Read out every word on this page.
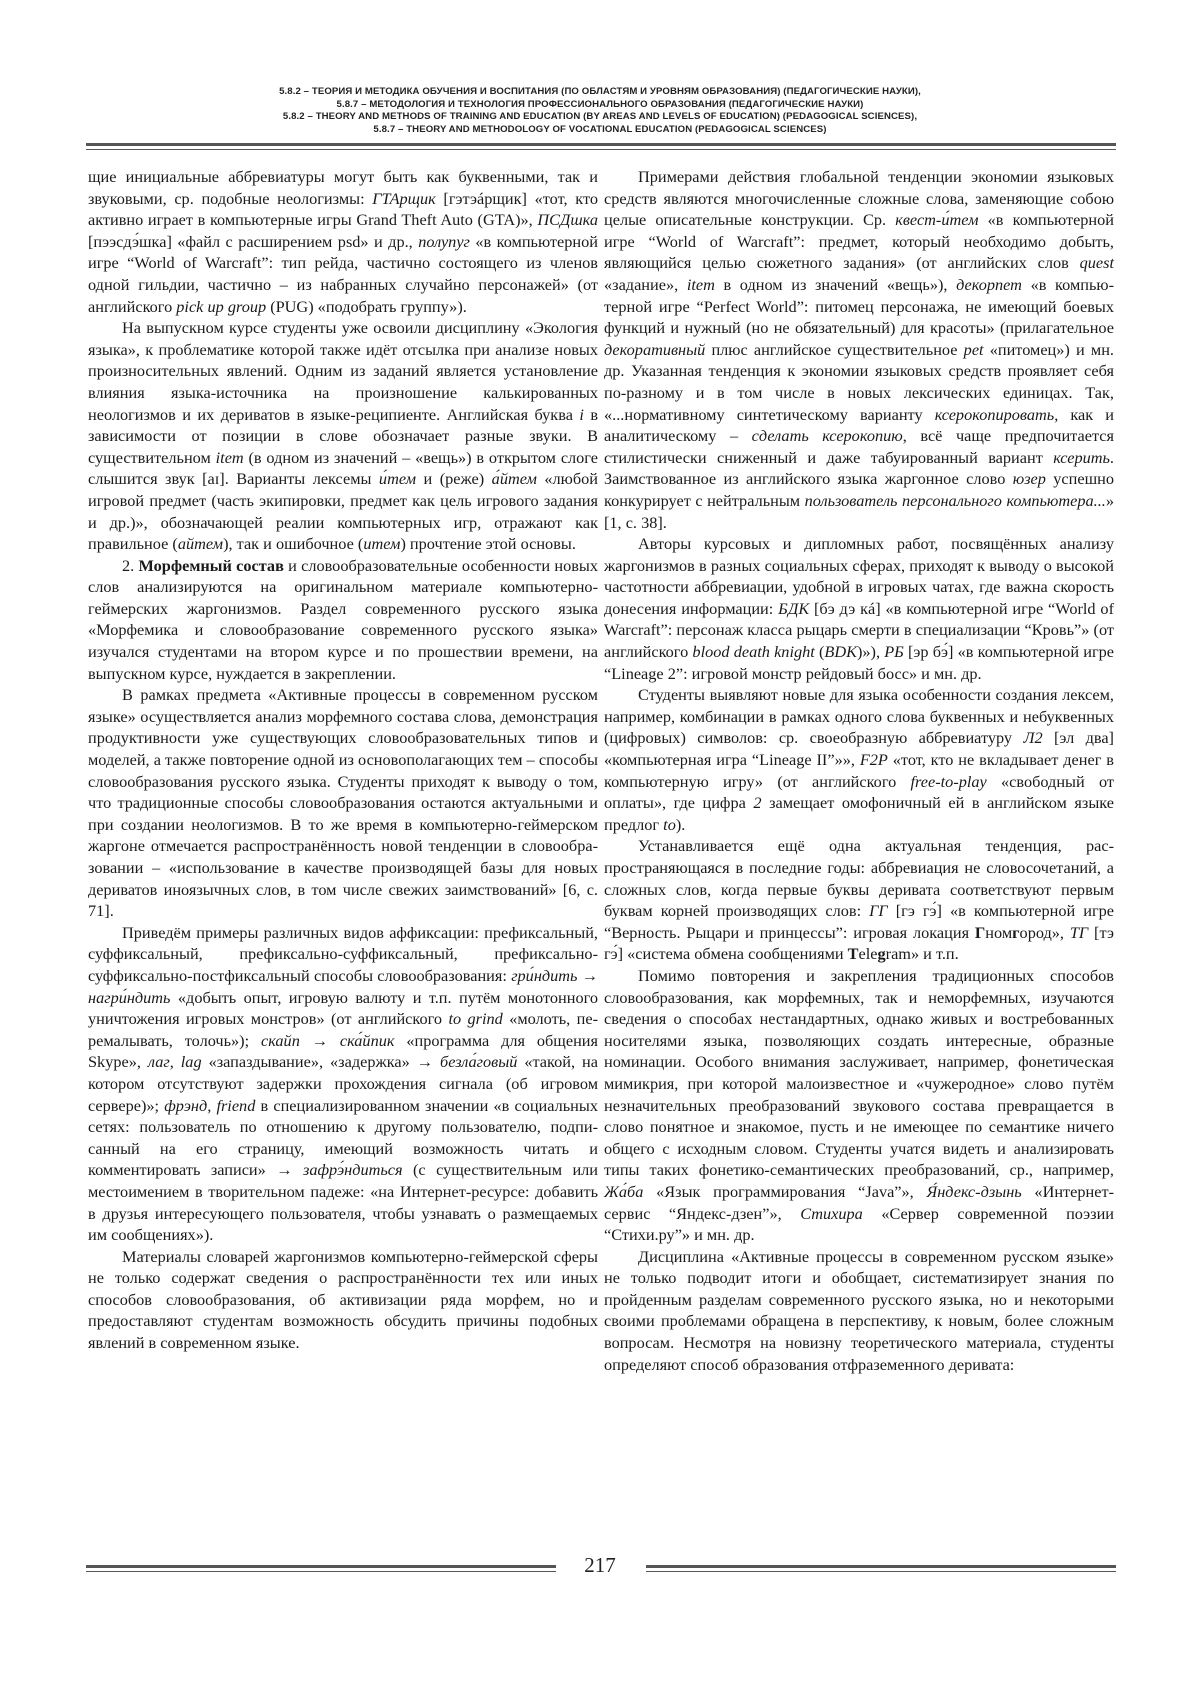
5.8.2 – ТЕОРИЯ И МЕТОДИКА ОБУЧЕНИЯ И ВОСПИТАНИЯ (ПО ОБЛАСТЯМ И УРОВНЯМ ОБРАЗОВАНИЯ) (ПЕДАГОГИЧЕСКИЕ НАУКИ),
5.8.7 – МЕТОДОЛОГИЯ И ТЕХНОЛОГИЯ ПРОФЕССИОНАЛЬНОГО ОБРАЗОВАНИЯ (ПЕДАГОГИЧЕСКИЕ НАУКИ)
5.8.2 – THEORY AND METHODS OF TRAINING AND EDUCATION (BY AREAS AND LEVELS OF EDUCATION) (PEDAGOGICAL SCIENCES),
5.8.7 – THEORY AND METHODOLOGY OF VOCATIONAL EDUCATION (PEDAGOGICAL SCIENCES)

щие инициальные аббревиатуры могут быть как буквенными, так и звуковыми, ср. подобные неологизмы: ГТАрщик [гэтэáрщик] «тот, кто активно играет в компьютерные игры Grand Theft Auto (GTA)», ПСДшка [пээсдэ́шка] «файл с расширением psd» и др., полупуг «в компьютерной игре “World of Warcraft”: тип рейда, частично состоящего из членов одной гильдии, частично – из набранных случайно персонажей» (от английского pick up group (PUG) «подобрать группу»).

На выпускном курсе студенты уже освоили дисциплину «Экология языка», к проблематике которой также идёт отсылка при анализе новых произносительных явлений. Одним из заданий является установление влияния языка-источника на произношение калькированных неологизмов и их дериватов в языке-реципиенте. Английская буква i в зависимости от позиции в слове обозначает разные звуки. В существительном item (в одном из значений – «вещь») в открытом слоге слышится звук [aɪ]. Варианты лексемы и́тем и (реже) а́йтем «любой игровой предмет (часть экипировки, предмет как цель игрового задания и др.)», обозначающей реалии компьютерных игр, отражают как правильное (айтем), так и ошибочное (итем) прочтение этой основы.

2. Морфемный состав и словообразовательные особенности новых слов анализируются на оригинальном материале компьютерно-геймерских жаргонизмов. Раздел современного русского языка «Морфемика и словообразование современного русского языка» изучался студентами на втором курсе и по прошествии времени, на выпускном курсе, нуждается в закреплении.

В рамках предмета «Активные процессы в современном русском языке» осуществляется анализ морфемного состава слова, демонстрация продуктивности уже существующих словообразовательных типов и моделей, а также повторение одной из основополагающих тем – способы словообразования русского языка. Студенты приходят к выводу о том, что традиционные способы словообразования остаются актуальными и при создании неологизмов. В то же время в компьютерно-геймерском жаргоне отмечается распространённость новой тенденции в словообразовании – «использование в качестве производящей базы для новых дериватов иноязычных слов, в том числе свежих заимствований» [6, с. 71].

Приведём примеры различных видов аффиксации: префиксальный, суффиксальный, префиксально-суффиксальный, префиксально-суффиксально-постфиксальный способы словообразования: гри́ндить → нагри́ндить «добыть опыт, игровую валюту и т.п. путём монотонного уничтожения игровых монстров» (от английского to grind «молоть, перемалывать, толочь»); скайп → ска́йпик «программа для общения Skype», лаг, lag «запаздывание», «задержка» → безла́говый «такой, на котором отсутствуют задержки прохождения сигнала (об игровом сервере)»; фрэнд, friend в специализированном значении «в социальных сетях: пользователь по отношению к другому пользователю, подписанный на его страницу, имеющий возможность читать и комментировать записи» → зафрэ́ндиться (с существительным или местоимением в творительном падеже: «на Интернет-ресурсе: добавить в друзья интересующего пользователя, чтобы узнавать о размещаемых им сообщениях»).

Материалы словарей жаргонизмов компьютерно-геймерской сферы не только содержат сведения о распространённости тех или иных способов словообразования, об активизации ряда морфем, но и предоставляют студентам возможность обсудить причины подобных явлений в современном языке.

Примерами действия глобальной тенденции экономии языковых средств являются многочисленные сложные слова, заменяющие собою целые описательные конструкции. Ср. квест-и́тем «в компьютерной игре “World of Warcraft”: предмет, который необходимо добыть, являющийся целью сюжетного задания» (от английских слов quest «задание», item в одном из значений «вещь»), декорпет «в компьютерной игре “Perfect World”: питомец персонажа, не имеющий боевых функций и нужный (но не обязательный) для красоты» (прилагательное декоративный плюс английское существительное pet «питомец») и мн. др. Указанная тенденция к экономии языковых средств проявляет себя по-разному и в том числе в новых лексических единицах. Так, «...нормативному синтетическому варианту ксерокопировать, как и аналитическому – сделать ксерокопию, всё чаще предпочитается стилистически сниженный и даже табуированный вариант ксерить. Заимствованное из английского языка жаргонное слово юзер успешно конкурирует с нейтральным пользователь персонального компьютера...» [1, с. 38].

Авторы курсовых и дипломных работ, посвящённых анализу жаргонизмов в разных социальных сферах, приходят к выводу о высокой частотности аббревиации, удобной в игровых чатах, где важна скорость донесения информации: БДК [бэ дэ кá] «в компьютерной игре “World of Warcraft”: персонаж класса рыцарь смерти в специализации “Кровь”» (от английского blood death knight (BDK)»), РБ [эр бэ́] «в компьютерной игре “Lineage 2”: игровой монстр рейдовый босс» и мн. др.

Студенты выявляют новые для языка особенности создания лексем, например, комбинации в рамках одного слова буквенных и небуквенных (цифровых) символов: ср. своеобразную аббревиатуру Л2 [эл два] «компьютерная игра “Lineage II”»», F2P «тот, кто не вкладывает денег в компьютерную игру» (от английского free-to-play «свободный от оплаты», где цифра 2 замещает омофоничный ей в английском языке предлог to).

Устанавливается ещё одна актуальная тенденция, распространяющаяся в последние годы: аббревиация не словосочетаний, а сложных слов, когда первые буквы деривата соответствуют первым буквам корней производящих слов: ГГ [гэ гэ́] «в компьютерной игре “Верность. Рыцари и принцессы”: игровая локация Гномгород», ТГ [тэ гэ́] «система обмена сообщениями Telegram» и т.п.

Помимо повторения и закрепления традиционных способов словообразования, как морфемных, так и неморфемных, изучаются сведения о способах нестандартных, однако живых и востребованных носителями языка, позволяющих создать интересные, образные номинации. Особого внимания заслуживает, например, фонетическая мимикрия, при которой малоизвестное и «чужеродное» слово путём незначительных преобразований звукового состава превращается в слово понятное и знакомое, пусть и не имеющее по семантике ничего общего с исходным словом. Студенты учатся видеть и анализировать типы таких фонетико-семантических преобразований, ср., например, Жа́ба «Язык программирования “Java”», Я́ндекс-дзынь «Интернет-сервис “Яндекс-дзен”», Стихира «Сервер современной поэзии “Стихи.ру”» и мн. др.

Дисциплина «Активные процессы в современном русском языке» не только подводит итоги и обобщает, систематизирует знания по пройденным разделам современного русского языка, но и некоторыми своими проблемами обращена в перспективу, к новым, более сложным вопросам. Несмотря на новизну теоретического материала, студенты определяют способ образования отфраземенного деривата:

217
